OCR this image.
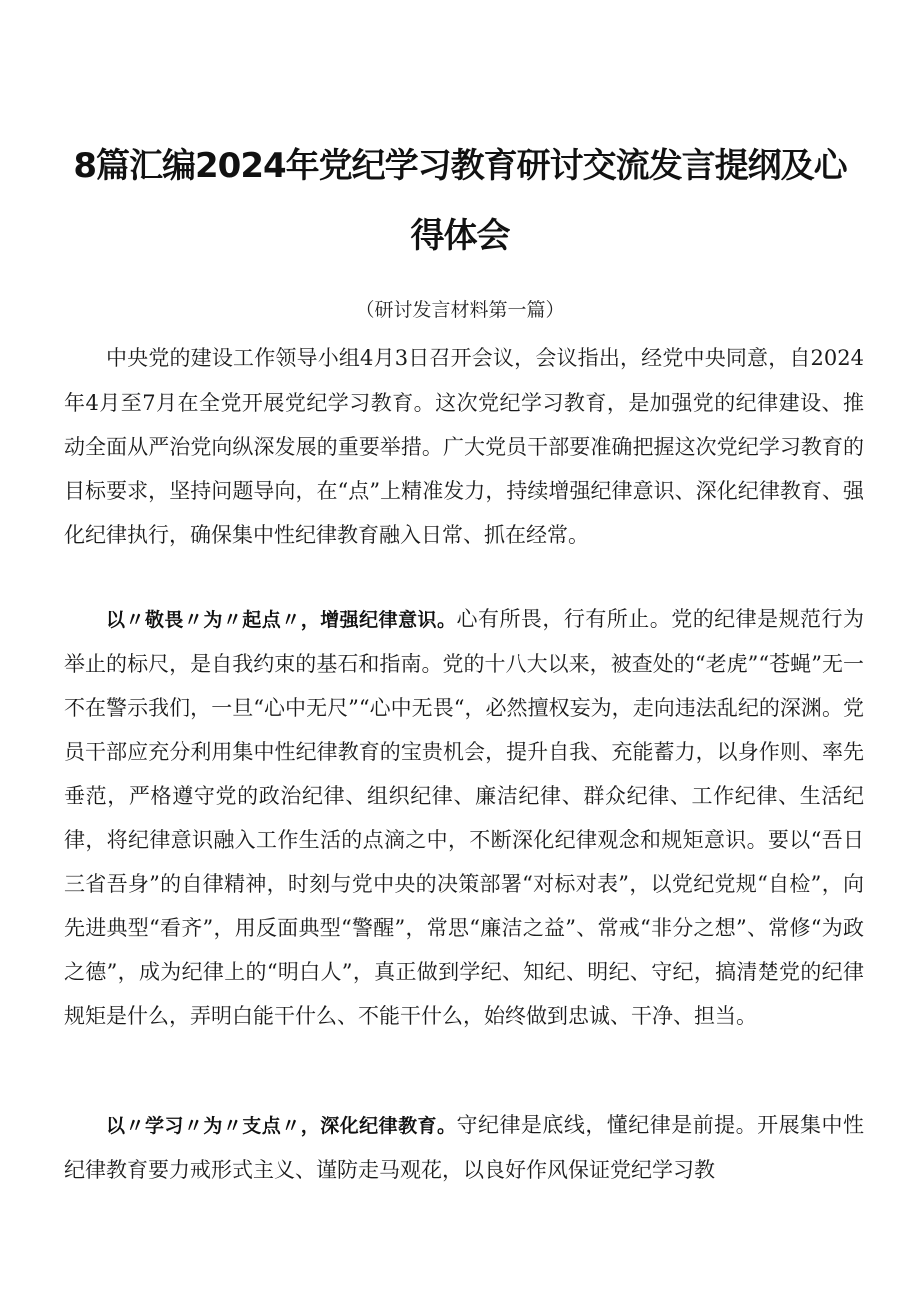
8篇汇编2024年党纪学习教育研讨交流发言提纲及心得体会
（研讨发言材料第一篇）

中央党的建设工作领导小组4月3日召开会议，会议指出，经党中央同意，自2024年4月至7月在全党开展党纪学习教育。这次党纪学习教育，是加强党的纪律建设、推动全面从严治党向纵深发展的重要举措。广大党员干部要准确把握这次党纪学习教育的目标要求，坚持问题导向，在“点”上精准发力，持续增强纪律意识、深化纪律教育、强化纪律执行，确保集中性纪律教育融入日常、抓在经常。

以〃敬畏〃为〃起点〃，增强纪律意识。心有所畏，行有所止。党的纪律是规范行为举止的标尺，是自我约束的基石和指南。党的十八大以来，被查处的“老虎”“苍蝇”无一不在警示我们，一旦“心中无尺”“心中无畏“，必然擅权妄为，走向违法乱纪的深渊。党员干部应充分利用集中性纪律教育的宝贵机会，提升自我、充能蓄力，以身作则、率先垂范，严格遵守党的政治纪律、组织纪律、廉洁纪律、群众纪律、工作纪律、生活纪律，将纪律意识融入工作生活的点滴之中，不断深化纪律观念和规矩意识。要以“吾日三省吾身”的自律精神，时刻与党中央的决策部署“对标对表”，以党纪党规“自检”，向先进典型“看齐”，用反面典型“警醒”，常思“廉洁之益”、常戒“非分之想”、常修“为政之德”，成为纪律上的“明白人”，真正做到学纪、知纪、明纪、守纪，搞清楚党的纪律规矩是什么，弄明白能干什么、不能干什么，始终做到忠诚、干净、担当。

以〃学习〃为〃支点〃，深化纪律教育。守纪律是底线，懂纪律是前提。开展集中性纪律教育要力戒形式主义、谨防走马观花，以良好作风保证党纪学习教
